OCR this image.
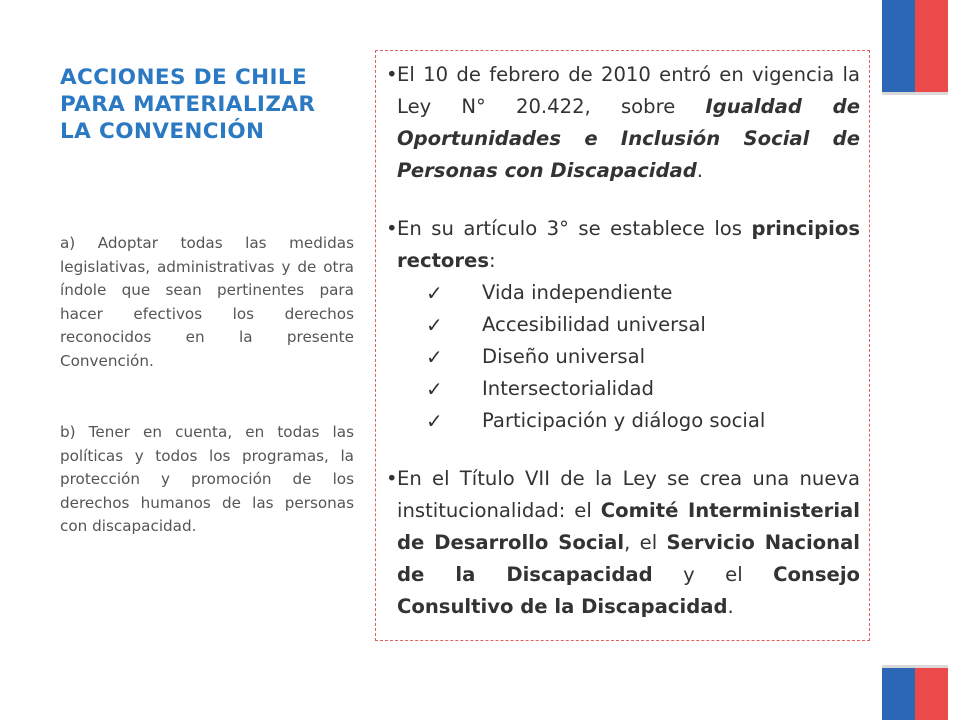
ACCIONES DE CHILE PARA MATERIALIZAR LA CONVENCIÓN
a) Adoptar todas las medidas legislativas, administrativas y de otra índole que sean pertinentes para hacer efectivos los derechos reconocidos en la presente Convención.
b) Tener en cuenta, en todas las políticas y todos los programas, la protección y promoción de los derechos humanos de las personas con discapacidad.
• El 10 de febrero de 2010 entró en vigencia la Ley N° 20.422, sobre Igualdad de Oportunidades e Inclusión Social de Personas con Discapacidad.
• En su artículo 3° se establece los principios rectores:
✓ Vida independiente
✓ Accesibilidad universal
✓ Diseño universal
✓ Intersectorialidad
✓ Participación y diálogo social
• En el Título VII de la Ley se crea una nueva institucionalidad: el Comité Interministerial de Desarrollo Social, el Servicio Nacional de la Discapacidad y el Consejo Consultivo de la Discapacidad.
